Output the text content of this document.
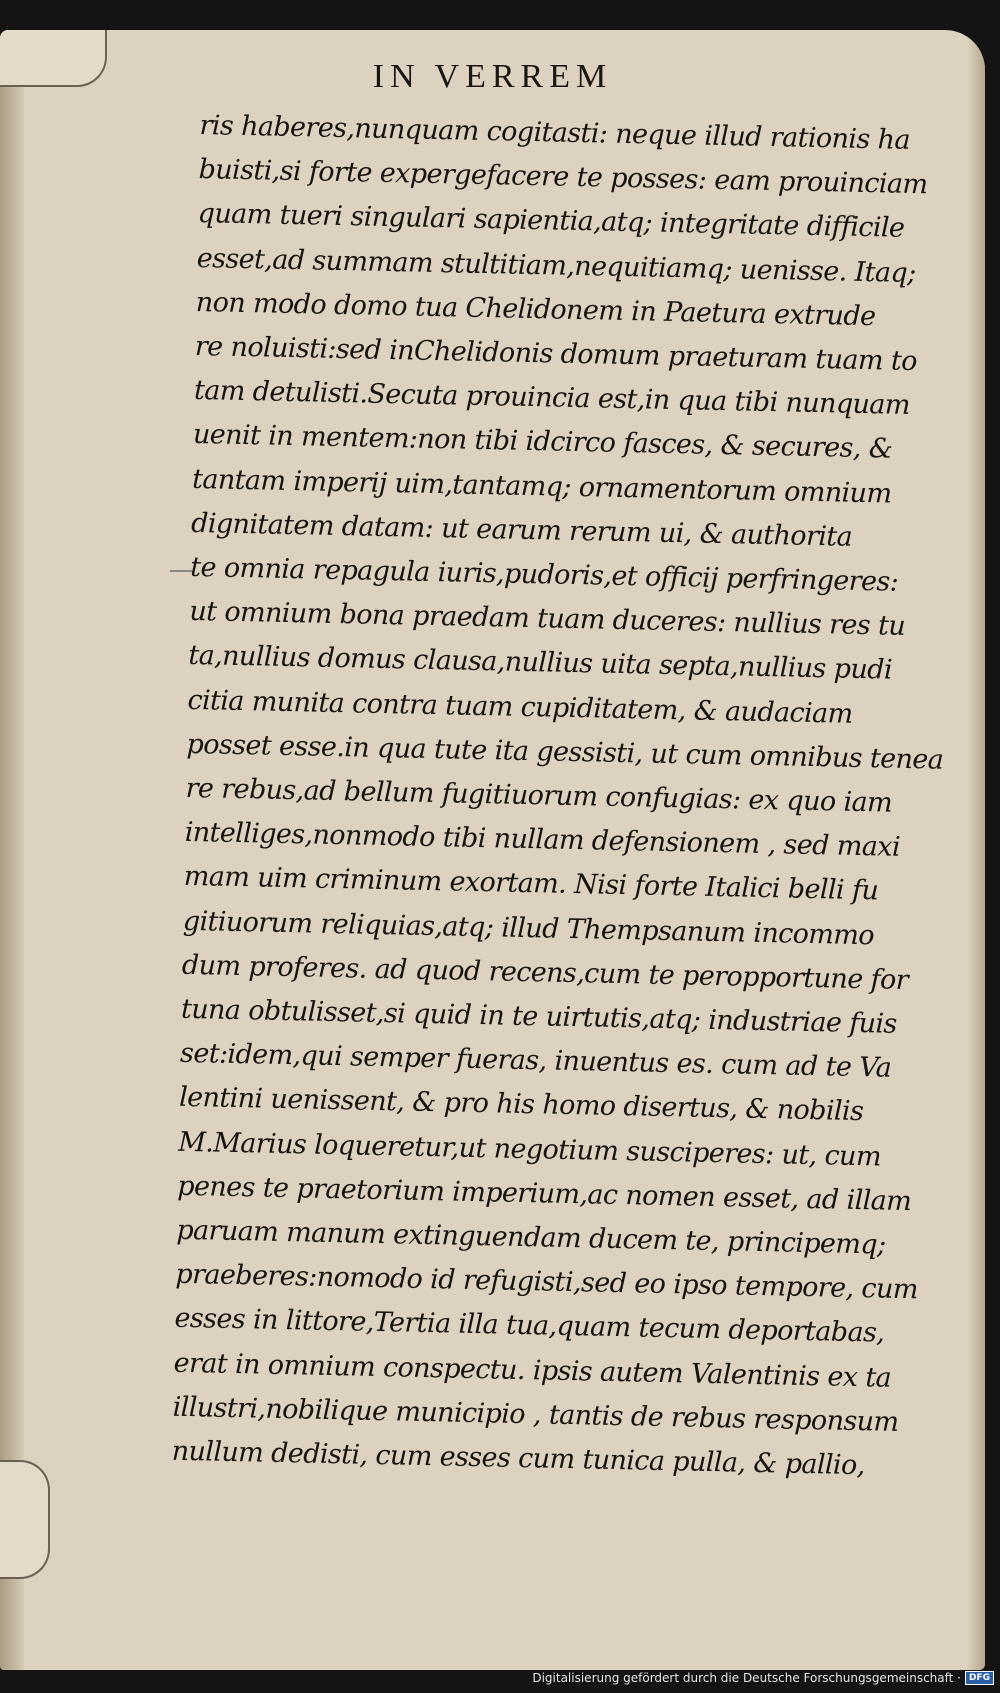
IN VERREM
ris haberes,nunquam cogitasti: neque illud rationis ha
buisti,si forte expergefacere te posses: eam prouinciam
quam tueri singulari sapientia,atq; integritate difficile
esset,ad summam stultitiam,nequitiamq; uenisse. Itaq;
non modo domo tua Chelidonem in Paetura extrude
re noluisti:sed inChelidonis domum praeturam tuam to
tam detulisti.Secuta prouincia est,in qua tibi nunquam
uenit in mentem:non tibi idcirco fasces, & secures, &
tantam imperij uim,tantamq; ornamentorum omnium
dignitatem datam: ut earum rerum ui, & authorita
te omnia repagula iuris,pudoris,et officij perfringeres:
ut omnium bona praedam tuam duceres: nullius res tu
ta,nullius domus clausa,nullius uita septa,nullius pudi
citia munita contra tuam cupiditatem, & audaciam
posset esse.in qua tute ita gessisti, ut cum omnibus tenea
re rebus,ad bellum fugitiuorum confugias: ex quo iam
intelliges,nonmodo tibi nullam defensionem , sed maxi
mam uim criminum exortam. Nisi forte Italici belli fu
gitiuorum reliquias,atq; illud Thempsanum incommo
dum proferes. ad quod recens,cum te peropportune for
tuna obtulisset,si quid in te uirtutis,atq; industriae fuis
set:idem,qui semper fueras, inuentus es. cum ad te Va
lentini uenissent, & pro his homo disertus, & nobilis
M.Marius loqueretur,ut negotium susciperes: ut, cum
penes te praetorium imperium,ac nomen esset, ad illam
paruam manum extinguendam ducem te, principemq;
praeberes:nomodo id refugisti,sed eo ipso tempore, cum
esses in littore,Tertia illa tua,quam tecum deportabas,
erat in omnium conspectu. ipsis autem Valentinis ex ta
illustri,nobilique municipio , tantis de rebus responsum
nullum dedisti, cum esses cum tunica pulla, & pallio,
Digitalisierung gefördert durch die Deutsche Forschungsgemeinschaft · DFG
